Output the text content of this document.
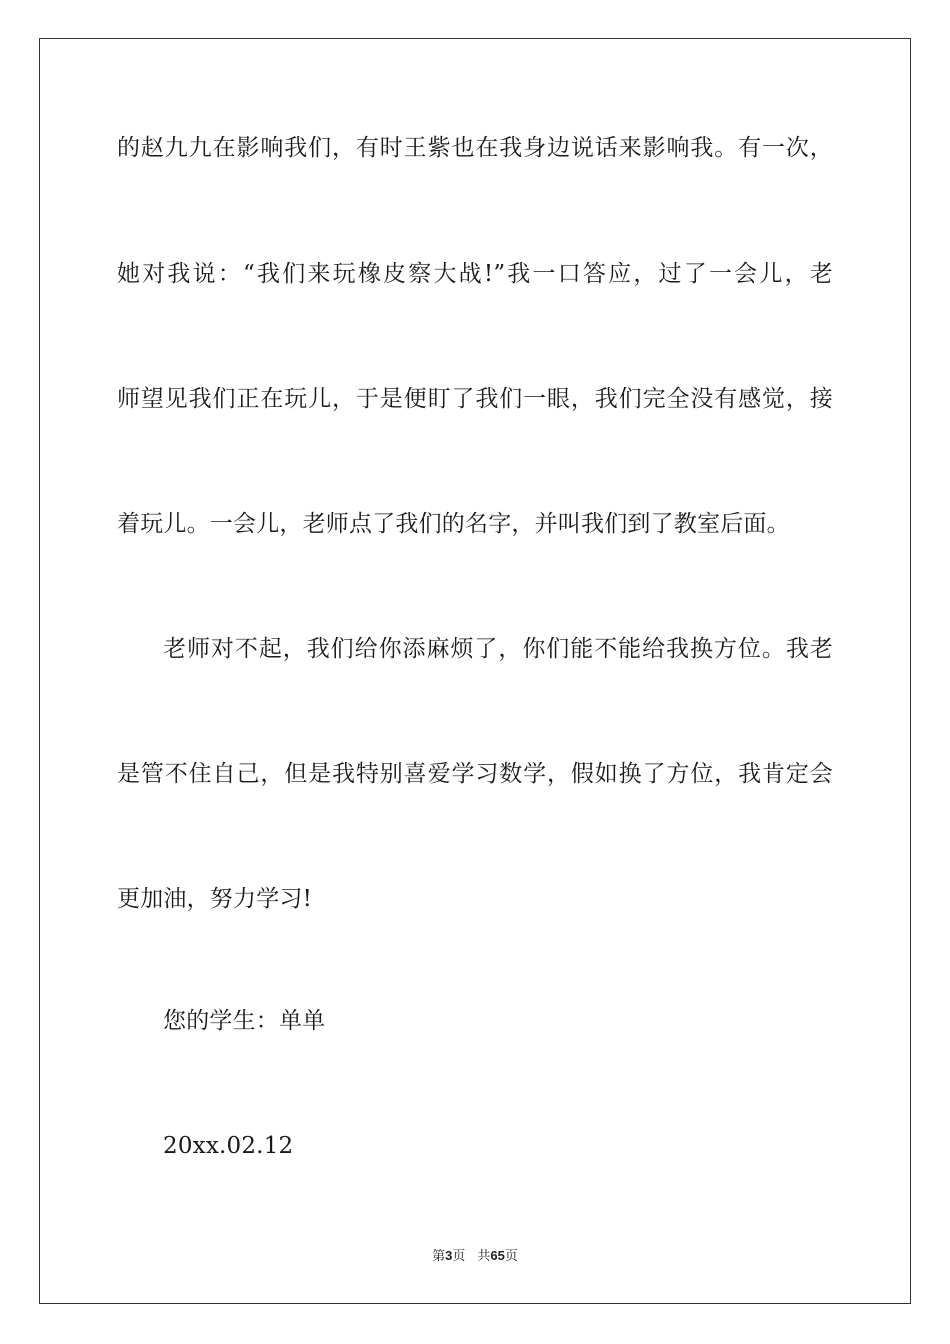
的赵九九在影响我们，有时王紫也在我身边说话来影响我。有一次，
她对我说：“我们来玩橡皮察大战!”我一口答应，过了一会儿，老
师望见我们正在玩儿，于是便盯了我们一眼，我们完全没有感觉，接
着玩儿。一会儿，老师点了我们的名字，并叫我们到了教室后面。
老师对不起，我们给你添麻烦了，你们能不能给我换方位。我老
是管不住自己，但是我特别喜爱学习数学，假如换了方位，我肯定会
更加油，努力学习!
您的学生：单单
20xx.02.12
第3页 共65页
